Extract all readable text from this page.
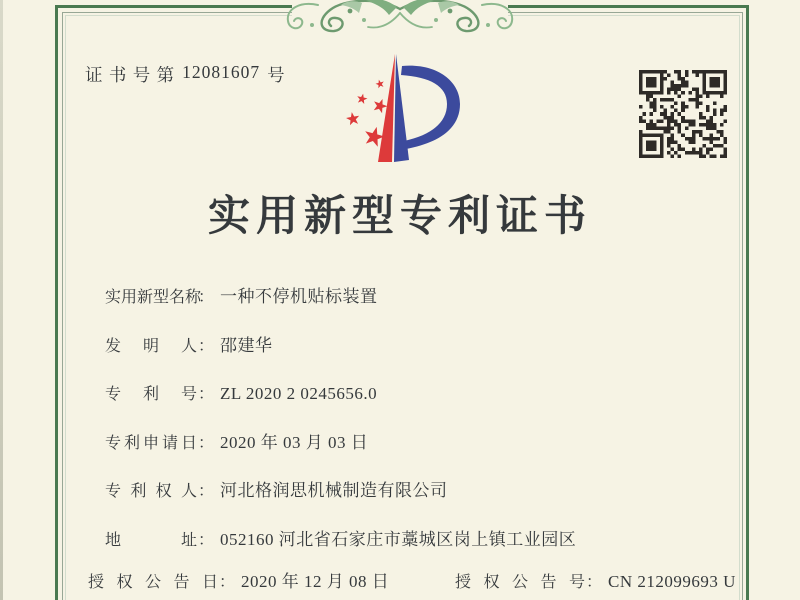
证 书 号 第 12081607 号
实用新型专利证书
实用新型名称
： 一种不停机贴标装置
发明人 ： 邵建华
专利号 ： ZL 2020 2 0245656.0
专利申请日 ： 2020 年 03 月 03 日
专利权人 ： 河北格润思机械制造有限公司
地址 ： 052160 河北省石家庄市藁城区岗上镇工业园区
授权公告日 ： 2020 年 12 月 08 日	授权公告号 ： CN 212099693 U
